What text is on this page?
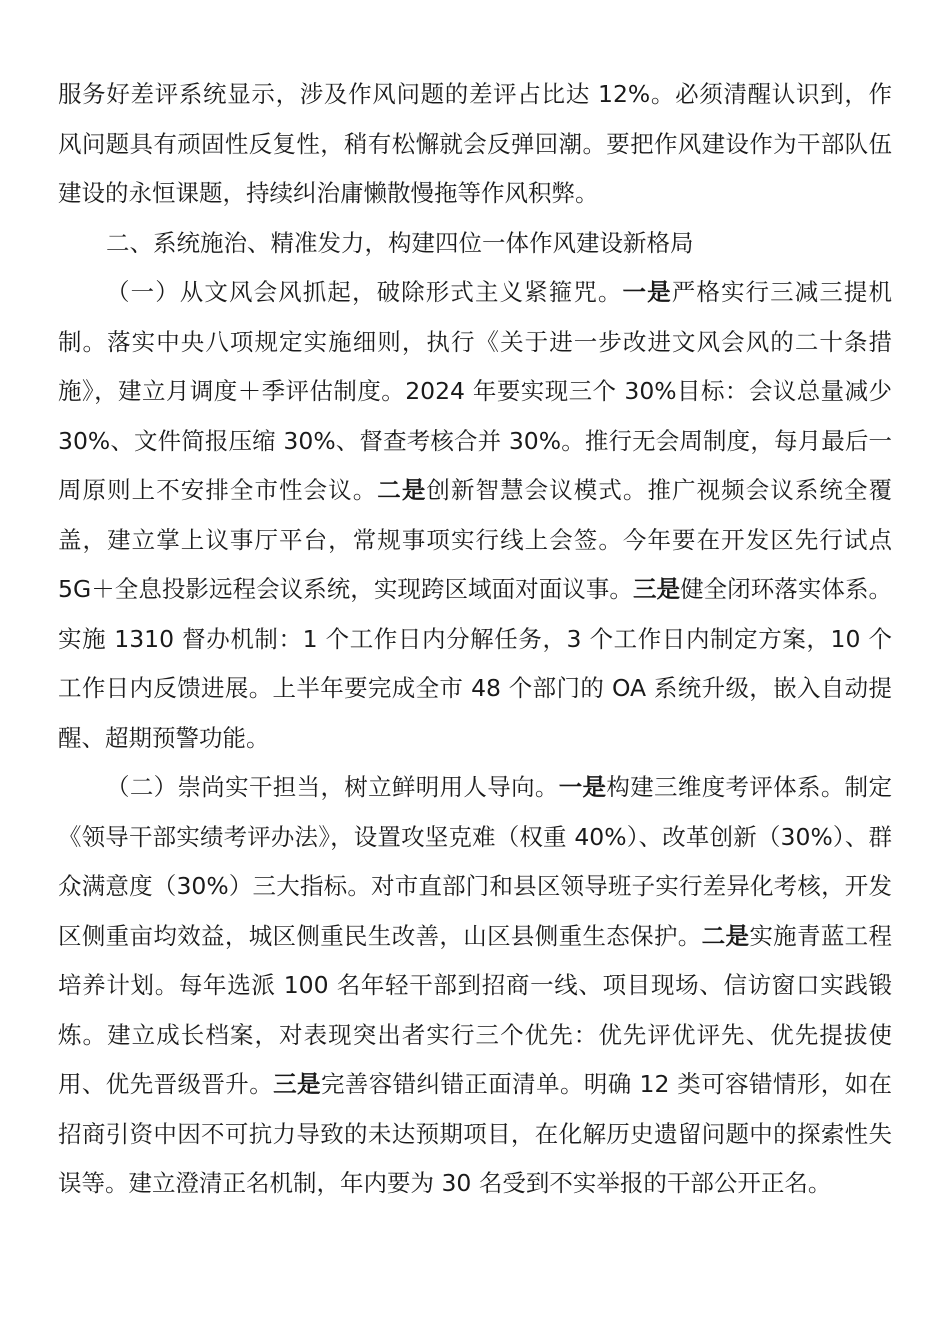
服务好差评系统显示，涉及作风问题的差评占比达 12%。必须清醒认识到，作风问题具有顽固性反复性，稍有松懈就会反弹回潮。要把作风建设作为干部队伍建设的永恒课题，持续纠治庸懒散慢拖等作风积弊。

二、系统施治、精准发力，构建四位一体作风建设新格局

（一）从文风会风抓起，破除形式主义紧箍咒。一是严格实行三减三提机制。落实中央八项规定实施细则，执行《关于进一步改进文风会风的二十条措施》，建立月调度＋季评估制度。2024 年要实现三个 30%目标：会议总量减少 30%、文件简报压缩 30%、督查考核合并 30%。推行无会周制度，每月最后一周原则上不安排全市性会议。二是创新智慧会议模式。推广视频会议系统全覆盖，建立掌上议事厅平台，常规事项实行线上会签。今年要在开发区先行试点 5G＋全息投影远程会议系统，实现跨区域面对面议事。三是健全闭环落实体系。实施 1310 督办机制：1 个工作日内分解任务，3 个工作日内制定方案，10 个工作日内反馈进展。上半年要完成全市 48 个部门的 OA 系统升级，嵌入自动提醒、超期预警功能。

（二）崇尚实干担当，树立鲜明用人导向。一是构建三维度考评体系。制定《领导干部实绩考评办法》，设置攻坚克难（权重 40%）、改革创新（30%）、群众满意度（30%）三大指标。对市直部门和县区领导班子实行差异化考核，开发区侧重亩均效益，城区侧重民生改善，山区县侧重生态保护。二是实施青蓝工程培养计划。每年选派 100 名年轻干部到招商一线、项目现场、信访窗口实践锻炼。建立成长档案，对表现突出者实行三个优先：优先评优评先、优先提拔使用、优先晋级晋升。三是完善容错纠错正面清单。明确 12 类可容错情形，如在招商引资中因不可抗力导致的未达预期项目，在化解历史遗留问题中的探索性失误等。建立澄清正名机制，年内要为 30 名受到不实举报的干部公开正名。
